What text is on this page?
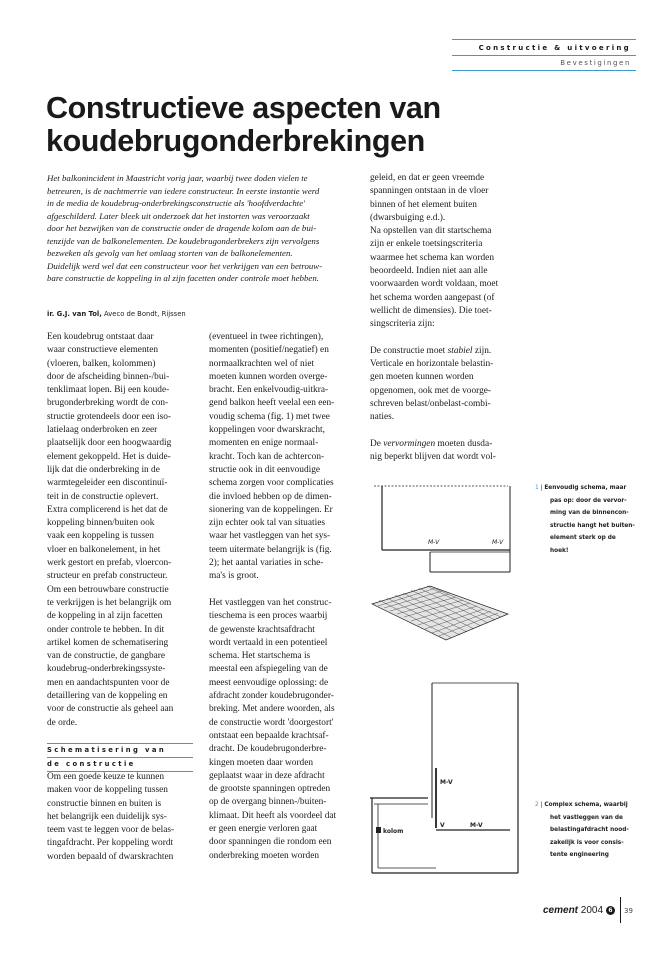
Constructie & uitvoering
Bevestigingen
Constructieve aspecten van
koudebrugonderbrekingen
Het balkonincident in Maastricht vorig jaar, waarbij twee doden vielen te
betreuren, is de nachtmerrie van iedere constructeur. In eerste instantie werd
in de media de koudebrug-onderbrekingsconstructie als 'hoofdverdachte'
afgeschilderd. Later bleek uit onderzoek dat het instorten was veroorzaakt
door het bezwijken van de constructie onder de dragende kolom aan de bui-
tenzijde van de balkonelementen. De koudebrugonderbrekers zijn vervolgens
bezweken als gevolg van het omlaag storten van de balkonelementen.
Duidelijk werd wel dat een constructeur voor het verkrijgen van een betrouw-
bare constructie de koppeling in al zijn facetten onder controle moet hebben.
ir. G.J. van Tol, Aveco de Bondt, Rijssen
Een koudebrug ontstaat daar
waar constructieve elementen
(vloeren, balken, kolommen)
door de afscheiding binnen-/bui-
tenklimaat lopen. Bij een koude-
brugonderbreking wordt de con-
structie grotendeels door een iso-
latielaag onderbroken en zeer
plaatselijk door een hoogwaardig
element gekoppeld. Het is duide-
lijk dat die onderbreking in de
warmtegeleider een discontinuï-
teit in de constructie oplevert.
Extra complicerend is het dat de
koppeling binnen/buiten ook
vaak een koppeling is tussen
vloer en balkonelement, in het
werk gestort en prefab, vloercon-
structeur en prefab constructeur.
Om een betrouwbare constructie
te verkrijgen is het belangrijk om
de koppeling in al zijn facetten
onder controle te hebben. In dit
artikel komen de schematisering
van de constructie, de gangbare
koudebrug-onderbrekingssyste-
men en aandachtspunten voor de
detaillering van de koppeling en
voor de constructie als geheel aan
de orde.
Schematisering van
de constructie
Om een goede keuze te kunnen
maken voor de koppeling tussen
constructie binnen en buiten is
het belangrijk een duidelijk sys-
teem vast te leggen voor de belas-
tingafdracht. Per koppeling wordt
worden bepaald of dwarskrachten
(eventueel in twee richtingen),
momenten (positief/negatief) en
normaalkrachten wel of niet
moeten kunnen worden overge-
bracht. Een enkelvoudig-uitkra-
gend balkon heeft veelal een een-
voudig schema (fig. 1) met twee
koppelingen voor dwarskracht,
momenten en enige normaal-
kracht. Toch kan de achtercon-
structie ook in dit eenvoudige
schema zorgen voor complicaties
die invloed hebben op de dimen-
sionering van de koppelingen. Er
zijn echter ook tal van situaties
waar het vastleggen van het sys-
teem uitermate belangrijk is (fig.
2); het aantal variaties in sche-
ma's is groot.
Het vastleggen van het construc-
tieschema is een proces waarbij
de gewenste krachtsafdracht
wordt vertaald in een potentieel
schema. Het startschema is
meestal een afspiegeling van de
meest eenvoudige oplossing: de
afdracht zonder koudebrugonder-
breking. Met andere woorden, als
de constructie wordt 'doorgestort'
ontstaat een bepaalde krachtsaf-
dracht. De koudebrugonderbre-
kingen moeten daar worden
geplaatst waar in deze afdracht
de grootste spanningen optreden
op de overgang binnen-/buiten-
klimaat. Dit heeft als voordeel dat
er geen energie verloren gaat
door spanningen die rondom een
onderbreking moeten worden
geleid, en dat er geen vreemde
spanningen ontstaan in de vloer
binnen of het element buiten
(dwarsbuiging e.d.).
Na opstellen van dit startschema
zijn er enkele toetsingscriteria
waarmee het schema kan worden
beoordeeld. Indien niet aan alle
voorwaarden wordt voldaan, moet
het schema worden aangepast (of
wellicht de dimensies). Die toet-
singscriteria zijn:
De constructie moet stabiel zijn.
Verticale en horizontale belastin-
gen moeten kunnen worden
opgenomen, ook met de voorge-
schreven belast/onbelast-combi-
naties.
De vervormingen moeten dusda-
nig beperkt blijven dat wordt vol-
M-V	M-V
M-V
V	M-V
kolom
1 | Eenvoudig schema, maar
pas op: door de vervor-
ming van de binnencon-
structie hangt het buiten-
element sterk op de
hoek!
2 | Complex schema, waarbij
het vastleggen van de
belastingafdracht nood-
zakelijk is voor consis-
tente engineering
cement 2004 6	39
